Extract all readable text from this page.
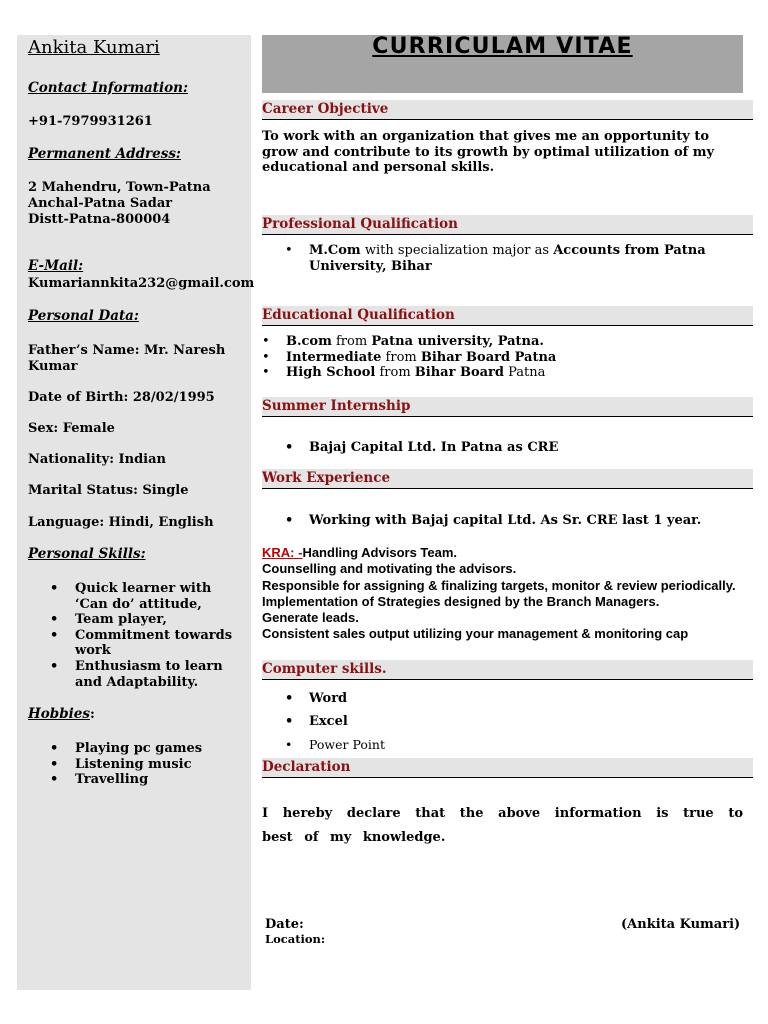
Ankita Kumari
Contact Information:
+91-7979931261
Permanent Address:
2 Mahendru, Town-Patna
Anchal-Patna Sadar
Distt-Patna-800004
E-Mail:
Kumariannkita232@gmail.com
Personal Data:
Father’s Name: Mr. Naresh
Kumar
Date of Birth: 28/02/1995
Sex: Female
Nationality: Indian
Marital Status: Single
Language: Hindi, English
Personal Skills:
• Quick learner with ‘Can do’ attitude,
• Team player,
• Commitment towards work
• Enthusiasm to learn and Adaptability.
Hobbies:
• Playing pc games
• Listening music
• Travelling
CURRICULAM VITAE
Career Objective
To work with an organization that gives me an opportunity to grow and contribute to its growth by optimal utilization of my educational and personal skills.
Professional Qualification
• M.Com with specialization major as Accounts from Patna University, Bihar
Educational Qualification
• B.com from Patna university, Patna.
• Intermediate from Bihar Board Patna
• High School from Bihar Board Patna
Summer Internship
• Bajaj Capital Ltd. In Patna as CRE
Work Experience
• Working with Bajaj capital Ltd. As Sr. CRE last 1 year.
KRA: -Handling Advisors Team.
Counselling and motivating the advisors.
Responsible for assigning & finalizing targets, monitor & review periodically.
Implementation of Strategies designed by the Branch Managers.
Generate leads.
Consistent sales output utilizing your management & monitoring cap
Computer skills.
• Word
• Excel
• Power Point
Declaration
I hereby declare that the above information is true to best of my knowledge.
Date:
Location:
(Ankita Kumari)
